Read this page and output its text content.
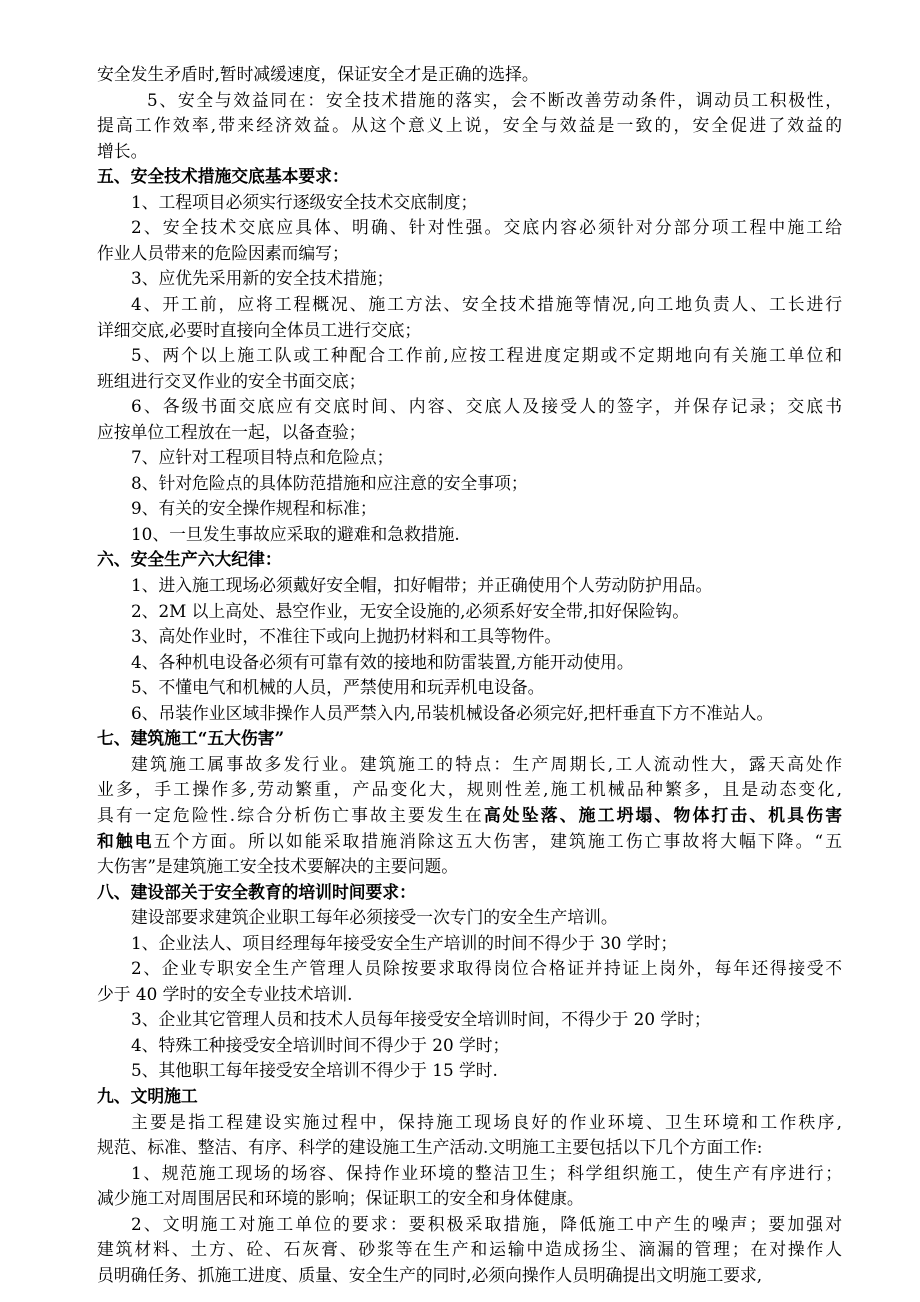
安全发生矛盾时,暂时减缓速度，保证安全才是正确的选择。
5、安全与效益同在：安全技术措施的落实，会不断改善劳动条件，调动员工积极性，
提高工作效率,带来经济效益。从这个意义上说，安全与效益是一致的，安全促进了效益的
增长。
五、安全技术措施交底基本要求：
1、工程项目必须实行逐级安全技术交底制度；
2、安全技术交底应具体、明确、针对性强。交底内容必须针对分部分项工程中施工给
作业人员带来的危险因素而编写；
3、应优先采用新的安全技术措施；
4、开工前，应将工程概况、施工方法、安全技术措施等情况,向工地负责人、工长进行
详细交底,必要时直接向全体员工进行交底；
5、两个以上施工队或工种配合工作前,应按工程进度定期或不定期地向有关施工单位和
班组进行交叉作业的安全书面交底；
6、各级书面交底应有交底时间、内容、交底人及接受人的签字，并保存记录；交底书
应按单位工程放在一起，以备查验；
7、应针对工程项目特点和危险点；
8、针对危险点的具体防范措施和应注意的安全事项；
9、有关的安全操作规程和标准；
10、一旦发生事故应采取的避难和急救措施.
六、安全生产六大纪律：
1、进入施工现场必须戴好安全帽，扣好帽带；并正确使用个人劳动防护用品。
2、2M 以上高处、悬空作业，无安全设施的,必须系好安全带,扣好保险钩。
3、高处作业时，不准往下或向上抛扔材料和工具等物件。
4、各种机电设备必须有可靠有效的接地和防雷装置,方能开动使用。
5、不懂电气和机械的人员，严禁使用和玩弄机电设备。
6、吊装作业区域非操作人员严禁入内,吊装机械设备必须完好,把杆垂直下方不准站人。
七、建筑施工“五大伤害”
建筑施工属事故多发行业。建筑施工的特点：生产周期长,工人流动性大，露天高处作
业多，手工操作多,劳动繁重，产品变化大，规则性差,施工机械品种繁多，且是动态变化,
具有一定危险性.综合分析伤亡事故主要发生在高处坠落、施工坍塌、物体打击、机具伤害
和触电五个方面。所以如能采取措施消除这五大伤害，建筑施工伤亡事故将大幅下降。“五
大伤害”是建筑施工安全技术要解决的主要问题。
八、建设部关于安全教育的培训时间要求：
建设部要求建筑企业职工每年必须接受一次专门的安全生产培训。
1、企业法人、项目经理每年接受安全生产培训的时间不得少于 30 学时；
2、企业专职安全生产管理人员除按要求取得岗位合格证并持证上岗外，每年还得接受不
少于 40 学时的安全专业技术培训.
3、企业其它管理人员和技术人员每年接受安全培训时间，不得少于 20 学时；
4、特殊工种接受安全培训时间不得少于 20 学时；
5、其他职工每年接受安全培训不得少于 15 学时.
九、文明施工
主要是指工程建设实施过程中，保持施工现场良好的作业环境、卫生环境和工作秩序,
规范、标准、整洁、有序、科学的建设施工生产活动.文明施工主要包括以下几个方面工作:
1、规范施工现场的场容、保持作业环境的整洁卫生；科学组织施工，使生产有序进行；
减少施工对周围居民和环境的影响；保证职工的安全和身体健康。
2、文明施工对施工单位的要求：要积极采取措施，降低施工中产生的噪声；要加强对
建筑材料、土方、砼、石灰膏、砂浆等在生产和运输中造成扬尘、滴漏的管理；在对操作人
员明确任务、抓施工进度、质量、安全生产的同时,必须向操作人员明确提出文明施工要求,
